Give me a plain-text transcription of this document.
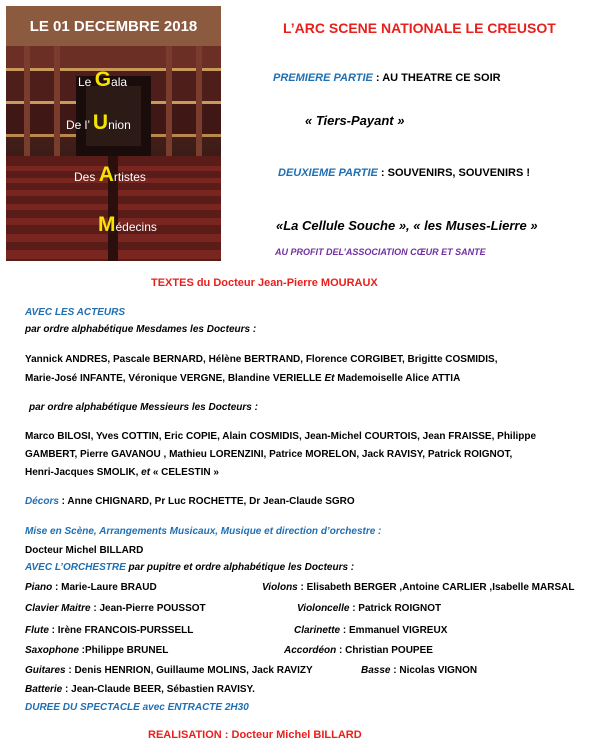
LE 01 DECEMBRE 2018
Le Gala
De l’ Union
Des Artistes
Médecins
L’ARC SCENE NATIONALE LE CREUSOT
PREMIERE PARTIE : AU THEATRE CE SOIR
« Tiers-Payant »
DEUXIEME PARTIE : SOUVENIRS, SOUVENIRS !
«La Cellule Souche », « les Muses-Lierre »
AU PROFIT DEL’ASSOCIATION CŒUR ET SANTE
TEXTES du Docteur Jean-Pierre MOURAUX
AVEC LES ACTEURS
par ordre alphabétique Mesdames les Docteurs :
Yannick ANDRES, Pascale BERNARD, Hélène BERTRAND, Florence CORGIBET, Brigitte COSMIDIS,
Marie-José INFANTE, Véronique VERGNE, Blandine VERIELLE Et Mademoiselle Alice ATTIA
par ordre alphabétique Messieurs les Docteurs :
Marco BILOSI, Yves COTTIN, Eric COPIE, Alain COSMIDIS, Jean-Michel COURTOIS, Jean FRAISSE, Philippe
GAMBERT, Pierre GAVANOU , Mathieu LORENZINI, Patrice MORELON, Jack RAVISY, Patrick ROIGNOT,
Henri-Jacques SMOLIK, et « CELESTIN »
Décors : Anne CHIGNARD, Pr Luc ROCHETTE, Dr Jean-Claude SGRO
Mise en Scène, Arrangements Musicaux, Musique et direction d’orchestre :
Docteur Michel BILLARD
AVEC L’ORCHESTRE par pupitre et ordre alphabétique les Docteurs :
Piano : Marie-Laure BRAUD	Violons : Elisabeth BERGER ,Antoine CARLIER ,Isabelle MARSAL
Clavier Maitre : Jean-Pierre POUSSOT	Violoncelle : Patrick ROIGNOT
Flute : Irène FRANCOIS-PURSSELL	Clarinette : Emmanuel VIGREUX
Saxophone :Philippe BRUNEL	Accordéon : Christian POUPEE
Guitares : Denis HENRION, Guillaume MOLINS, Jack RAVIZY	Basse : Nicolas VIGNON
Batterie : Jean-Claude BEER, Sébastien RAVISY.
DUREE DU SPECTACLE avec ENTRACTE 2H30
REALISATION : Docteur Michel BILLARD
